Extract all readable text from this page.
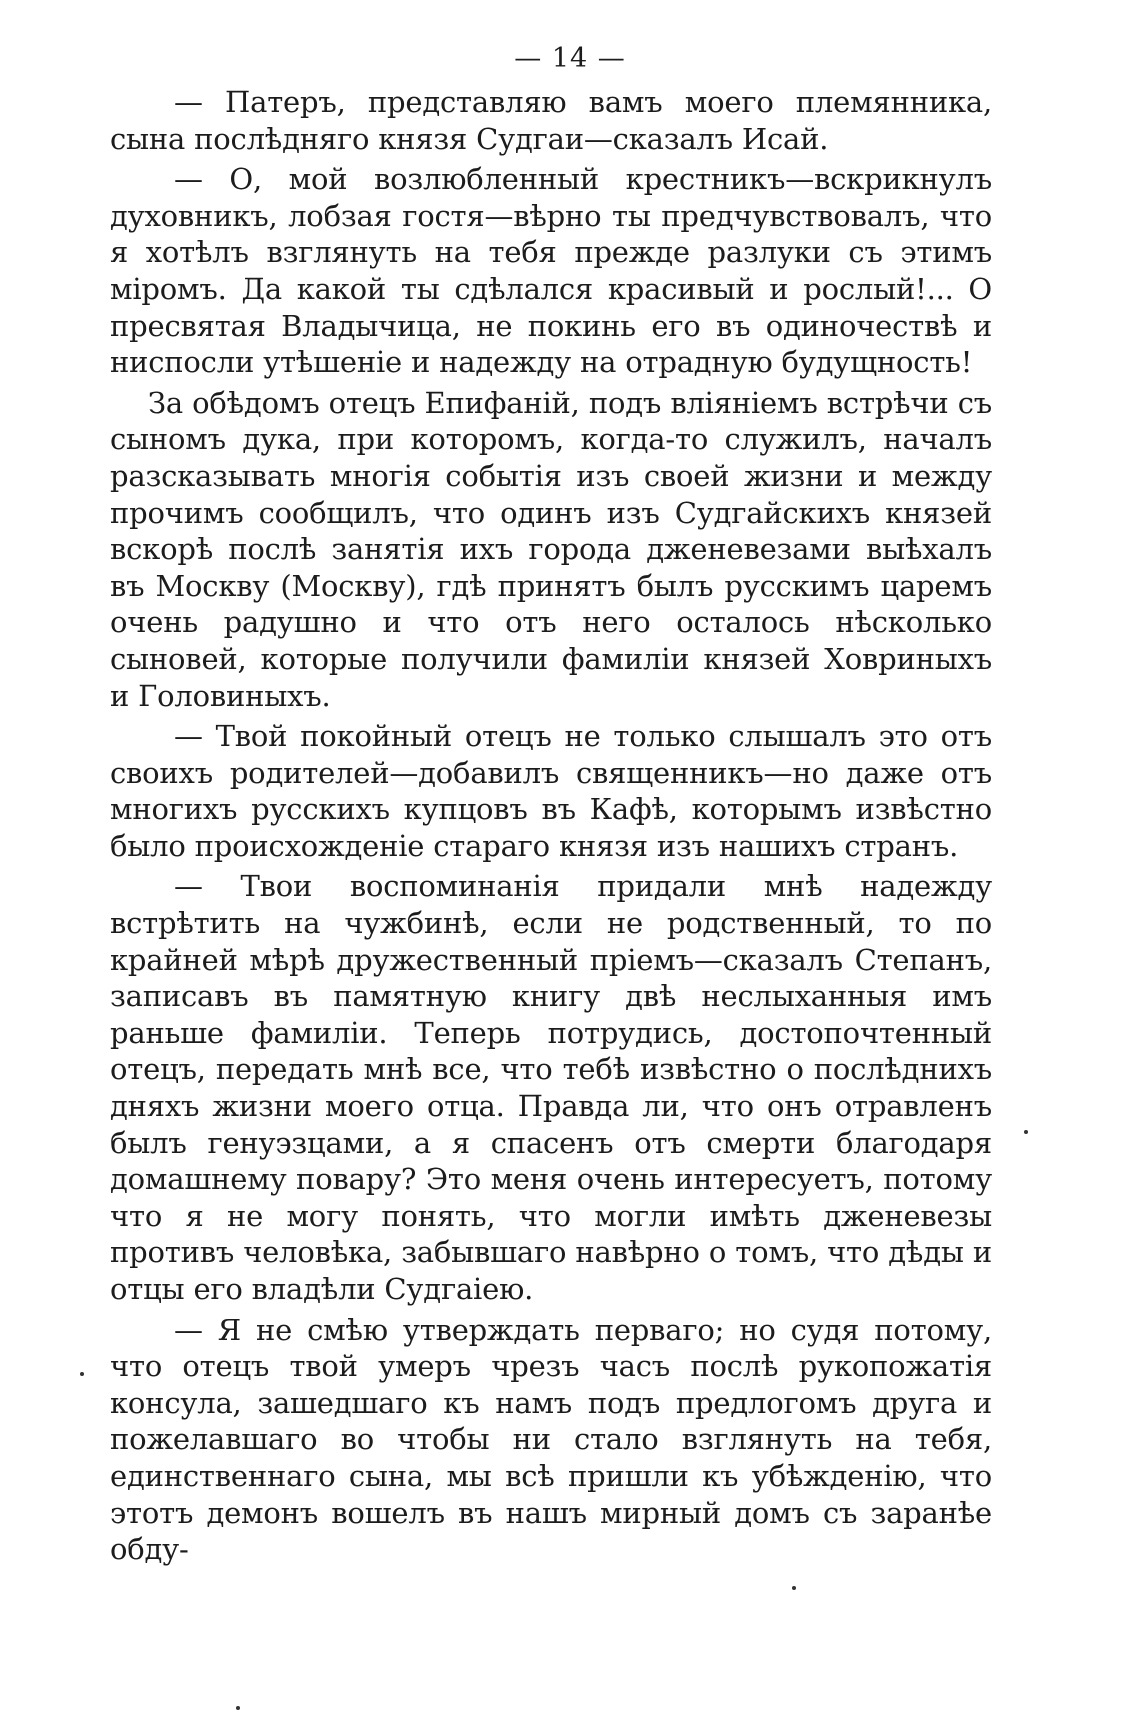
— 14 —

— Патеръ, представляю вамъ моего племянника, сына послѣдняго князя Судгаи—сказалъ Исай.

— О, мой возлюбленный крестникъ—вскрикнулъ духовникъ, лобзая гостя—вѣрно ты предчувствовалъ, что я хотѣлъ взглянуть на тебя прежде разлуки съ этимъ міромъ. Да какой ты сдѣлался красивый и рослый!... О пресвятая Владычица, не покинь его въ одиночествѣ и ниспосли утѣшеніе и надежду на отрадную будущность!

За обѣдомъ отецъ Епифаній, подъ вліяніемъ встрѣчи съ сыномъ дука, при которомъ, когда-то служилъ, началъ разсказывать многія событія изъ своей жизни и между прочимъ сообщилъ, что одинъ изъ Судгайскихъ князей вскорѣ послѣ занятія ихъ города дженевезами выѣхалъ въ Москву (Москву), гдѣ принятъ былъ русскимъ царемъ очень радушно и что отъ него осталось нѣсколько сыновей, которые получили фамиліи князей Ховриныхъ и Головиныхъ.

— Твой покойный отецъ не только слышалъ это отъ своихъ родителей—добавилъ священникъ—но даже отъ многихъ русскихъ купцовъ въ Кафѣ, которымъ извѣстно было происхожденіе стараго князя изъ нашихъ странъ.

— Твои воспоминанія придали мнѣ надежду встрѣтить на чужбинѣ, если не родственный, то по крайней мѣрѣ дружественный пріемъ—сказалъ Степанъ, записавъ въ памятную книгу двѣ неслыханныя имъ раньше фамиліи. Теперь потрудись, достопочтенный отецъ, передать мнѣ все, что тебѣ извѣстно о послѣднихъ дняхъ жизни моего отца. Правда ли, что онъ отравленъ былъ генуэзцами, а я спасенъ отъ смерти благодаря домашнему повару? Это меня очень интересуетъ, потому что я не могу понять, что могли имѣть дженевезы противъ человѣка, забывшаго навѣрно о томъ, что дѣды и отцы его владѣли Судгаіею.

— Я не смѣю утверждать перваго; но судя потому, что отецъ твой умеръ чрезъ часъ послѣ рукопожатія консула, зашедшаго къ намъ подъ предлогомъ друга и пожелавшаго во чтобы ни стало взглянуть на тебя, единственнаго сына, мы всѣ пришли къ убѣжденію, что этотъ демонъ вошелъ въ нашъ мирный домъ съ заранѣе обду-
